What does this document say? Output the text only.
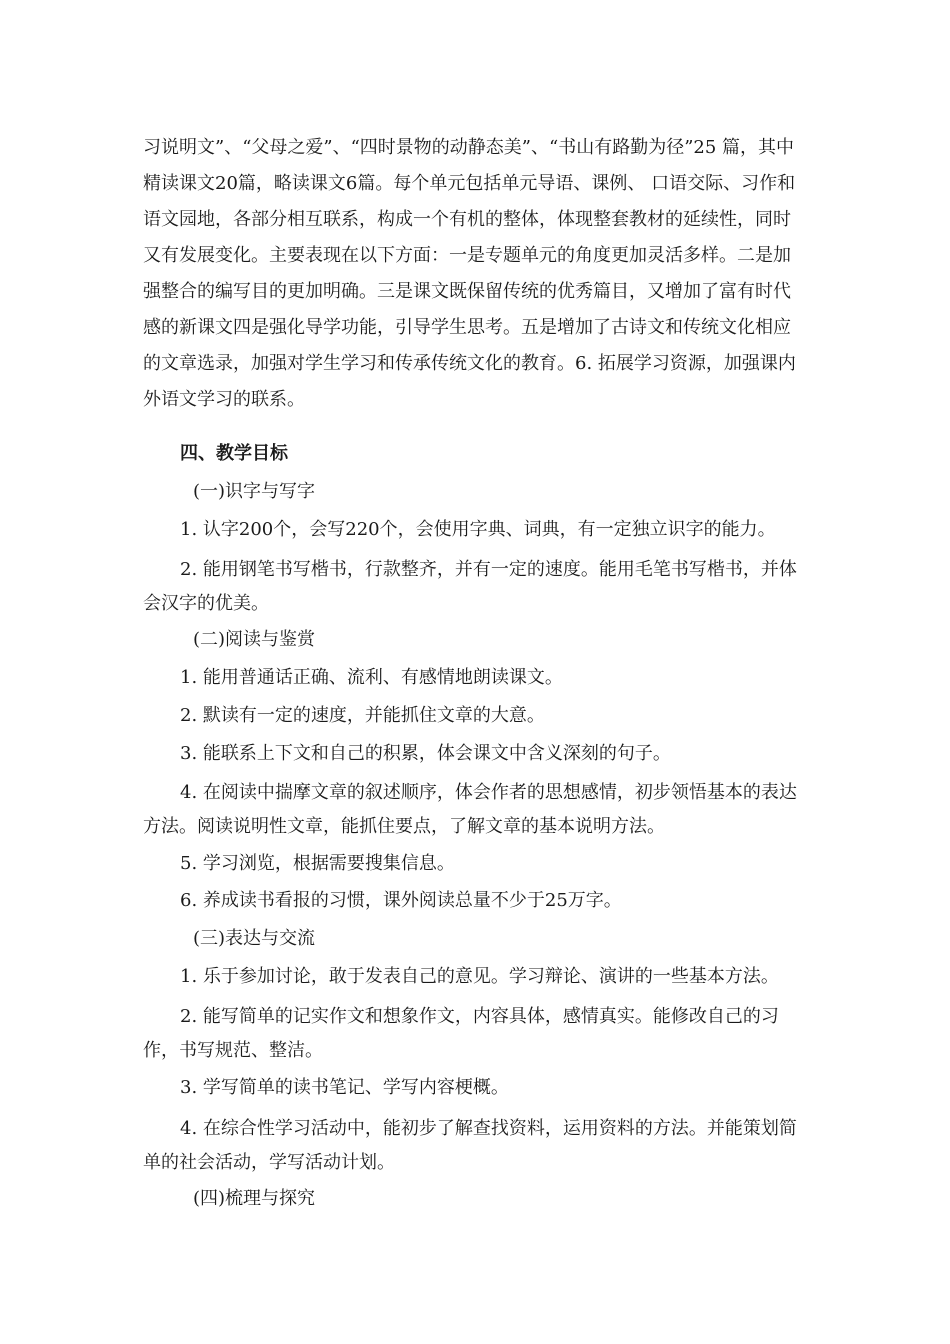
习说明文”、“父母之爱”、“四时景物的动静态美”、“书山有路勤为径”25 篇，其中精读课文20篇，略读课文6篇。每个单元包括单元导语、课例、 口语交际、习作和语文园地，各部分相互联系，构成一个有机的整体，体现整套教材的延续性，同时又有发展变化。主要表现在以下方面：一是专题单元的角度更加灵活多样。二是加强整合的编写目的更加明确。三是课文既保留传统的优秀篇目，又增加了富有时代感的新课文四是强化导学功能，引导学生思考。五是增加了古诗文和传统文化相应的文章选录，加强对学生学习和传承传统文化的教育。6. 拓展学习资源，加强课内外语文学习的联系。

四、教学目标

(一)识字与写字

1. 认字200个，会写220个，会使用字典、词典，有一定独立识字的能力。

2. 能用钢笔书写楷书，行款整齐，并有一定的速度。能用毛笔书写楷书，并体会汉字的优美。

(二)阅读与鉴赏

1. 能用普通话正确、流利、有感情地朗读课文。

2. 默读有一定的速度，并能抓住文章的大意。

3. 能联系上下文和自己的积累，体会课文中含义深刻的句子。

4. 在阅读中揣摩文章的叙述顺序，体会作者的思想感情，初步领悟基本的表达方法。阅读说明性文章，能抓住要点，了解文章的基本说明方法。

5. 学习浏览，根据需要搜集信息。

6. 养成读书看报的习惯，课外阅读总量不少于25万字。

(三)表达与交流

1. 乐于参加讨论，敢于发表自己的意见。学习辩论、演讲的一些基本方法。

2. 能写简单的记实作文和想象作文，内容具体，感情真实。能修改自己的习作，书写规范、整洁。

3. 学写简单的读书笔记、学写内容梗概。

4. 在综合性学习活动中，能初步了解查找资料，运用资料的方法。并能策划简单的社会活动，学写活动计划。

(四)梳理与探究
